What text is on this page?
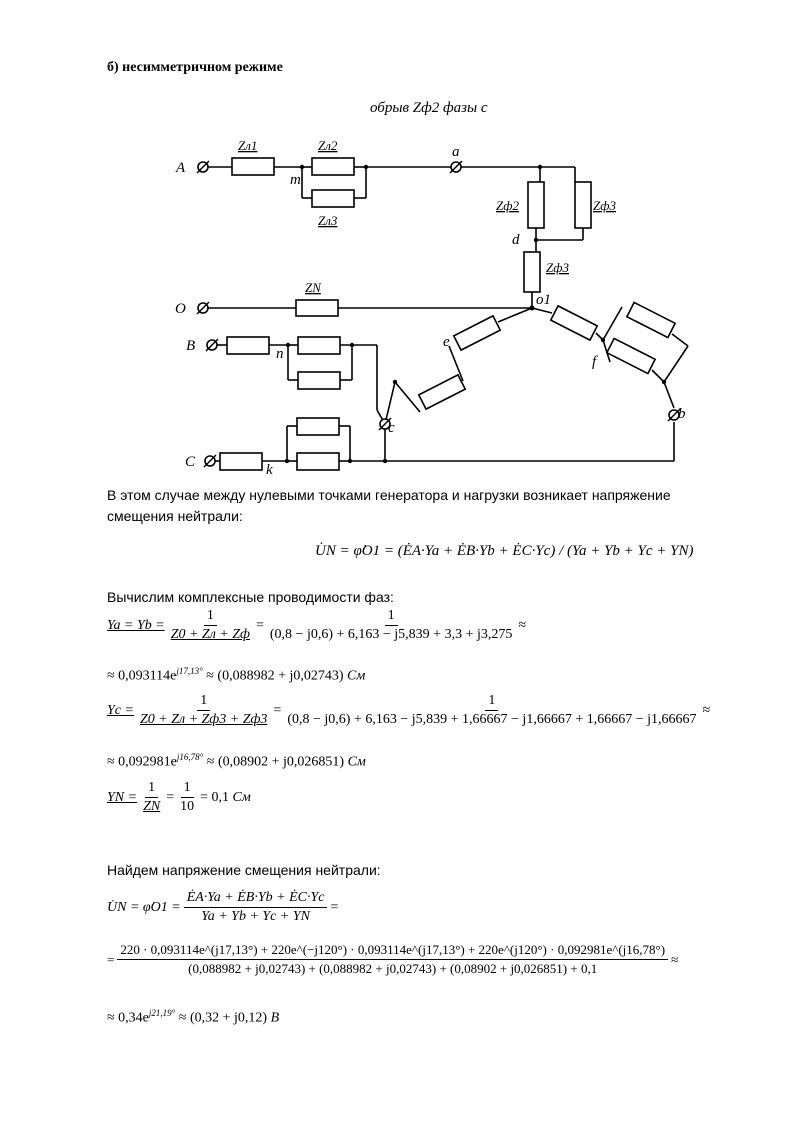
б) несимметричном режиме
обрыв Zф2 фазы с
A
O
B
C
m
n
k
a
d
o1
e
f
b
c
Zл1	Zл2
Zл3
Zф2	Zф3
Zф3
ZN
В этом случае между нулевыми точками генератора и нагрузки возникает напряжение
смещения нейтрали:
U̇N = φ̇O1 = (ĖA·Ya + ĖB·Yb + ĖC·Yc) / (Ya + Yb + Yc + YN)
Вычислим комплексные проводимости фаз:
$Ya = Yb = \frac{1}{Z0 + Zл + Zф} = \frac{1}{(0,8 - j0,6) + 6,163 - j5,839 + 3,3 + j3,275}$ ≈
≈ $0,093114e^{j17,13^\circ} \approx (0,088982 + j0,02743)$ См
$Yc = \frac{1}{Z0 + Zл + Zф3 + Zф3}$ =
1
(0,8 − j0,6) + 6,163 − j5,839 + 1,66667 − j1,66667 + 1,66667 − j1,66667
≈
≈ $0,092981e^{j16,78^\circ} \approx (0,08902 + j0,026851)$ См
YN = $\frac{1}{ZN} = \frac{1}{10} = 0,1$
См
Найдем напряжение смещения нейтрали:
U̇N = φ̇O1 = $\frac{ĖA\cdot Ya + ĖB\cdot Yb + ĖC\cdot Yc}{Ya + Yb + Yc + YN}$ =
=
220 · 0,093114e^(j17,13°) + 220e^(−j120°) · 0,093114e^(j17,13°) + 220e^(j120°) · 0,092981e^(j16,78°)
(0,088982 + j0,02743) + (0,088982 + j0,02743) + (0,08902 + j0,026851) + 0,1
≈
≈ $0,34e^{j21,19^\circ} \approx (0,32 + j0,12)$ В
